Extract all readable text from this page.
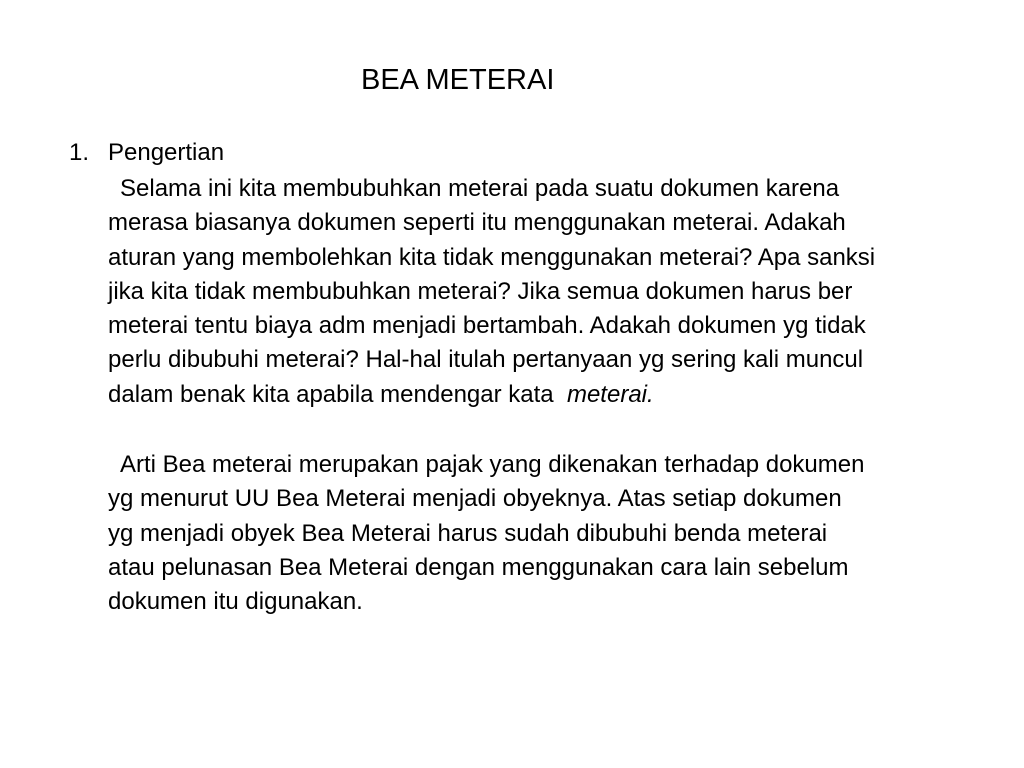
BEA METERAI
1. Pengertian
Selama ini kita membubuhkan meterai pada suatu dokumen karena
merasa biasanya dokumen seperti itu menggunakan meterai. Adakah
aturan yang membolehkan kita tidak menggunakan meterai? Apa sanksi
jika kita tidak membubuhkan meterai? Jika semua dokumen harus ber
meterai tentu biaya adm menjadi bertambah. Adakah dokumen yg tidak
perlu dibubuhi meterai? Hal-hal itulah pertanyaan yg sering kali muncul
dalam benak kita apabila mendengar kata  meterai.
Arti Bea meterai merupakan pajak yang dikenakan terhadap dokumen
yg menurut UU Bea Meterai menjadi obyeknya. Atas setiap dokumen
yg menjadi obyek Bea Meterai harus sudah dibubuhi benda meterai
atau pelunasan Bea Meterai dengan menggunakan cara lain sebelum
dokumen itu digunakan.
